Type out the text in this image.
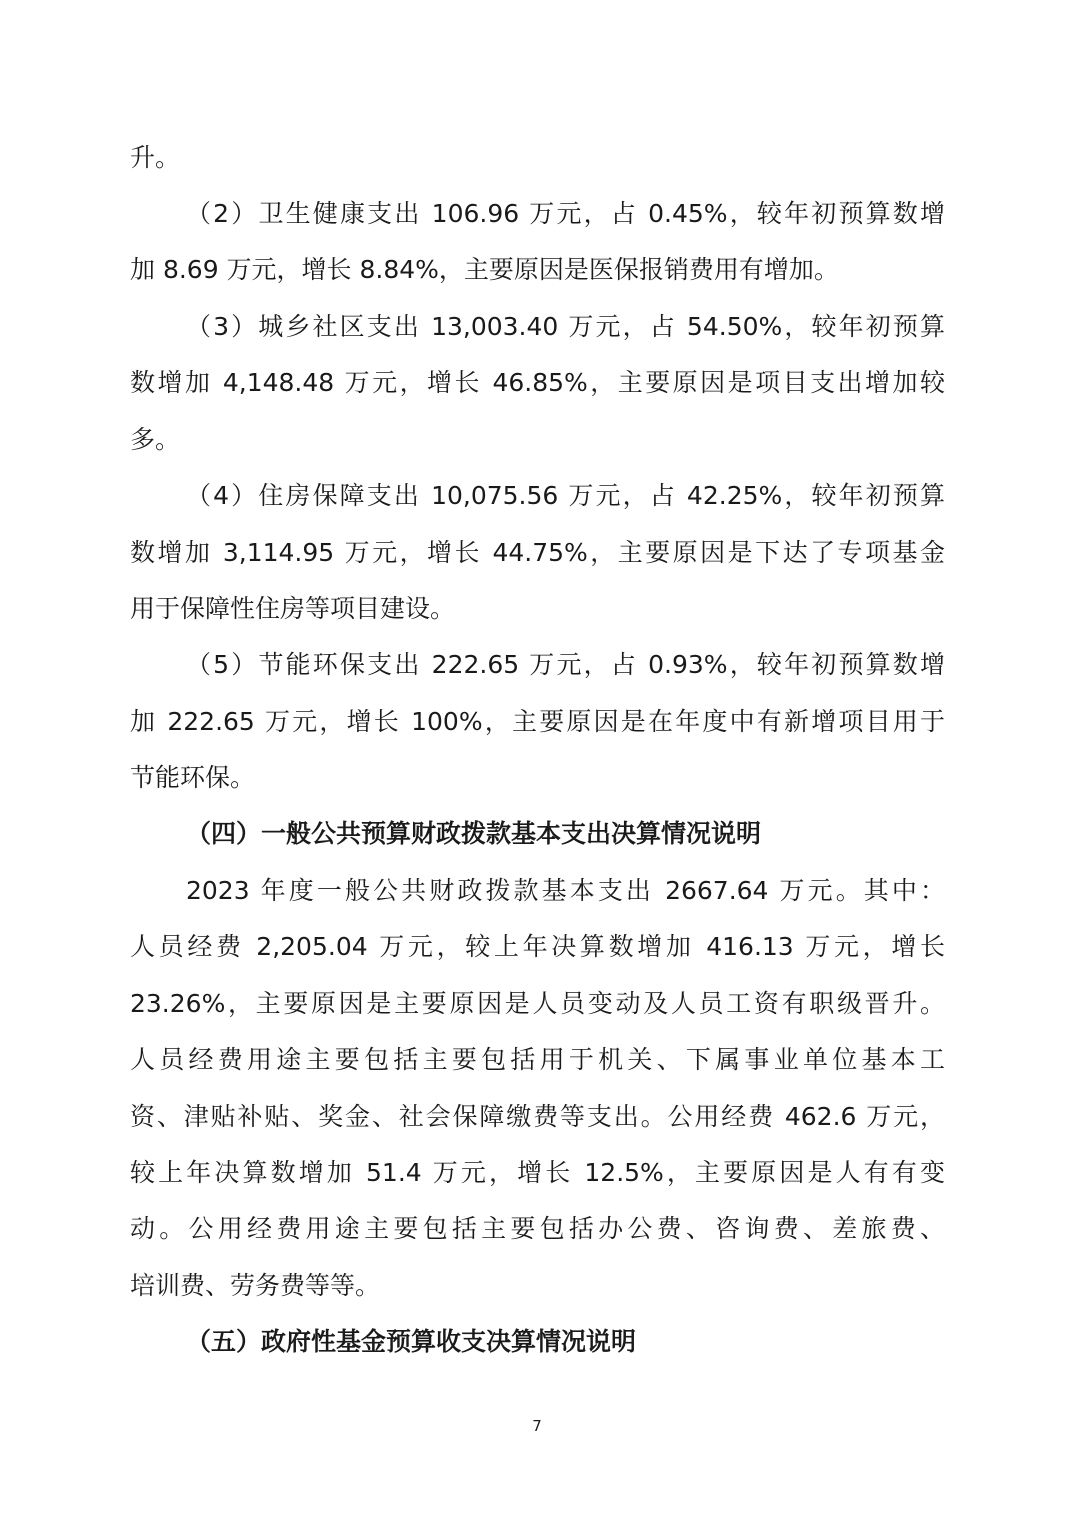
升。
（2）卫生健康支出 106.96 万元，占 0.45%，较年初预算数增
加 8.69 万元，增长 8.84%，主要原因是医保报销费用有增加。
（3）城乡社区支出 13,003.40 万元，占 54.50%，较年初预算
数增加 4,148.48 万元，增长 46.85%，主要原因是项目支出增加较
多。
（4）住房保障支出 10,075.56 万元，占 42.25%，较年初预算
数增加 3,114.95 万元，增长 44.75%，主要原因是下达了专项基金
用于保障性住房等项目建设。
（5）节能环保支出 222.65 万元，占 0.93%，较年初预算数增
加 222.65 万元，增长 100%，主要原因是在年度中有新增项目用于
节能环保。
（四）一般公共预算财政拨款基本支出决算情况说明
2023 年度一般公共财政拨款基本支出 2667.64 万元。其中：
人员经费 2,205.04 万元，较上年决算数增加 416.13 万元，增长
23.26%，主要原因是主要原因是人员变动及人员工资有职级晋升。
人员经费用途主要包括主要包括用于机关、下属事业单位基本工
资、津贴补贴、奖金、社会保障缴费等支出。公用经费 462.6 万元，
较上年决算数增加 51.4 万元，增长 12.5%，主要原因是人有有变
动。公用经费用途主要包括主要包括办公费、咨询费、差旅费、
培训费、劳务费等等。
（五）政府性基金预算收支决算情况说明
7
